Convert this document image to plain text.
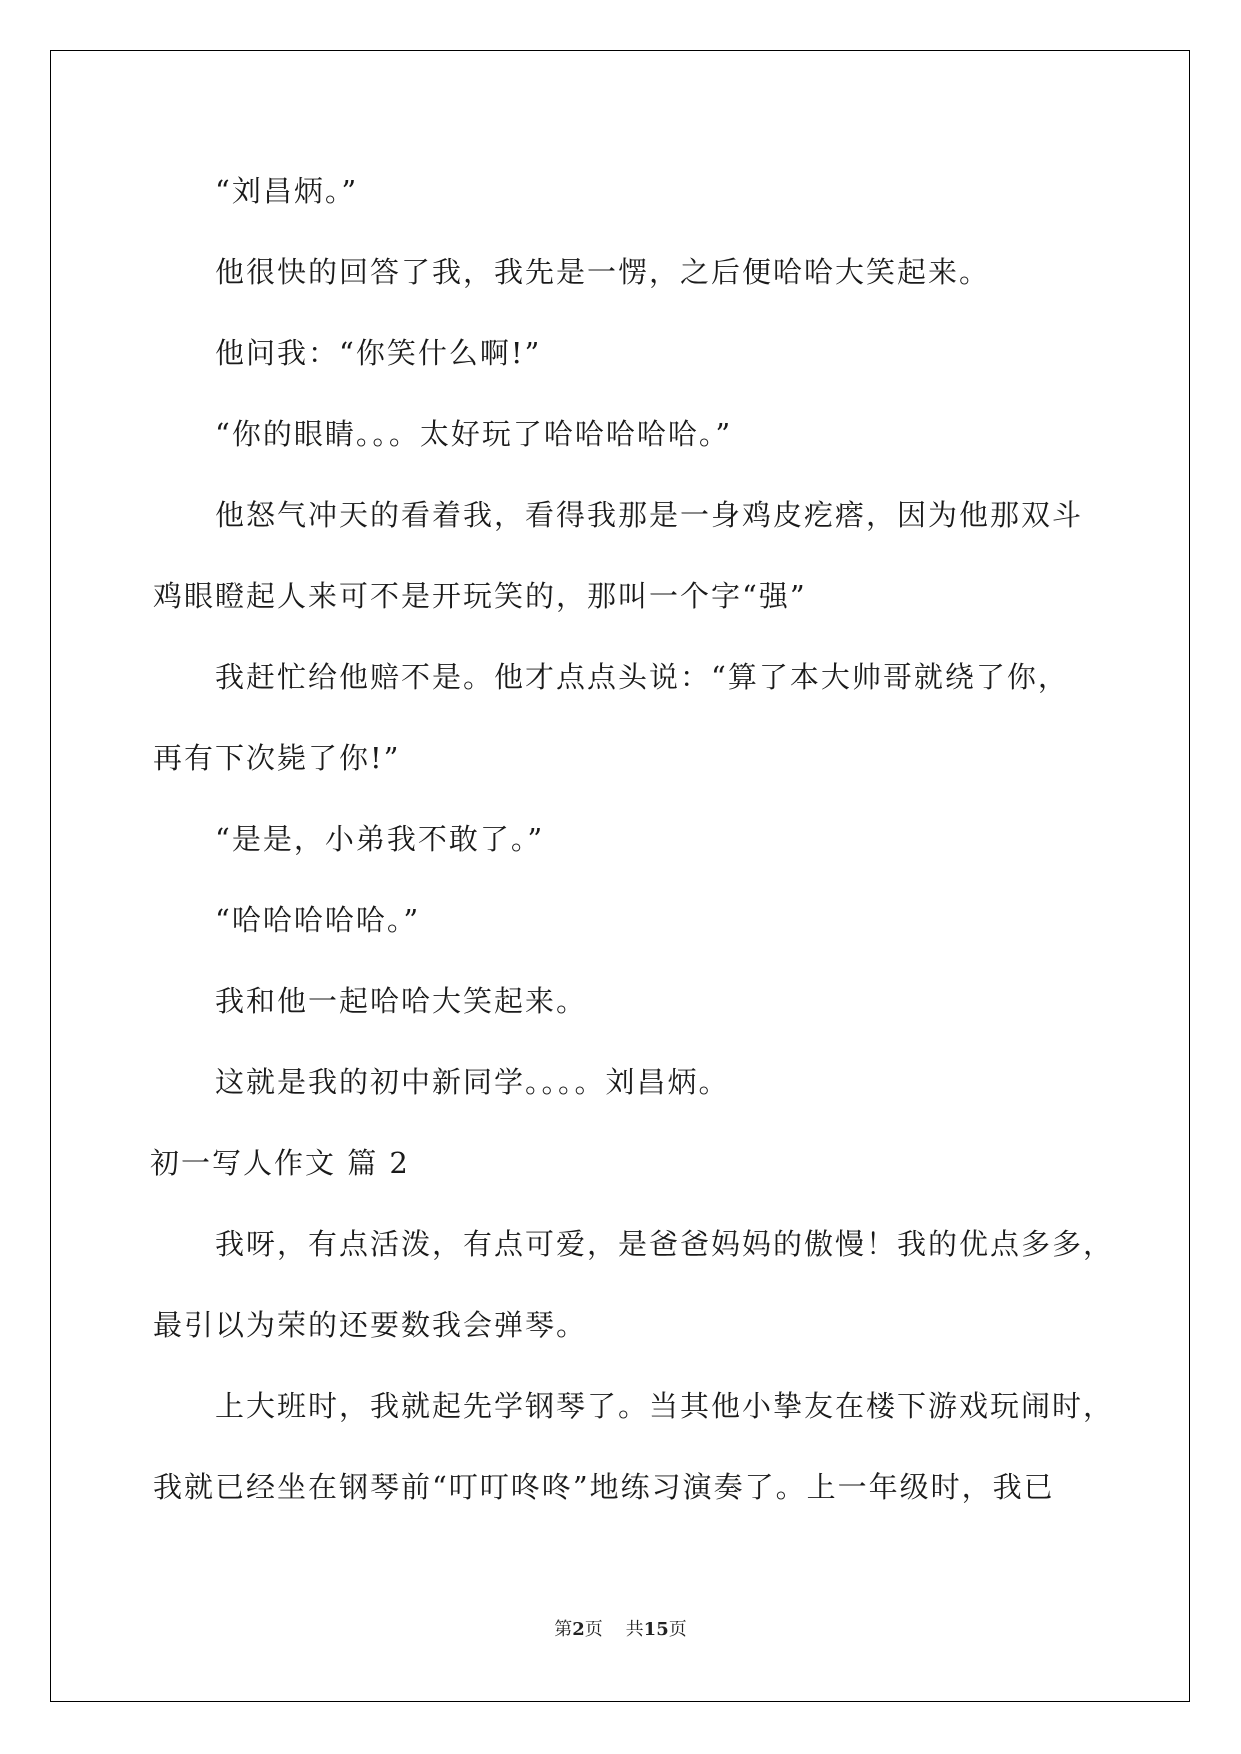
“刘昌炳。”
他很快的回答了我，我先是一愣，之后便哈哈大笑起来。
他问我：“你笑什么啊!”
“你的眼睛。。。太好玩了哈哈哈哈哈。”
他怒气冲天的看着我，看得我那是一身鸡皮疙瘩，因为他那双斗
鸡眼瞪起人来可不是开玩笑的，那叫一个字“强”
我赶忙给他赔不是。他才点点头说：“算了本大帅哥就绕了你，
再有下次毙了你!”
“是是，小弟我不敢了。”
“哈哈哈哈哈。”
我和他一起哈哈大笑起来。
这就是我的初中新同学。。。。刘昌炳。
初一写人作文 篇 2
我呀，有点活泼，有点可爱，是爸爸妈妈的傲慢！我的优点多多，
最引以为荣的还要数我会弹琴。
上大班时，我就起先学钢琴了。当其他小挚友在楼下游戏玩闹时，
我就已经坐在钢琴前“叮叮咚咚”地练习演奏了。上一年级时，我已
第2页 共15页
